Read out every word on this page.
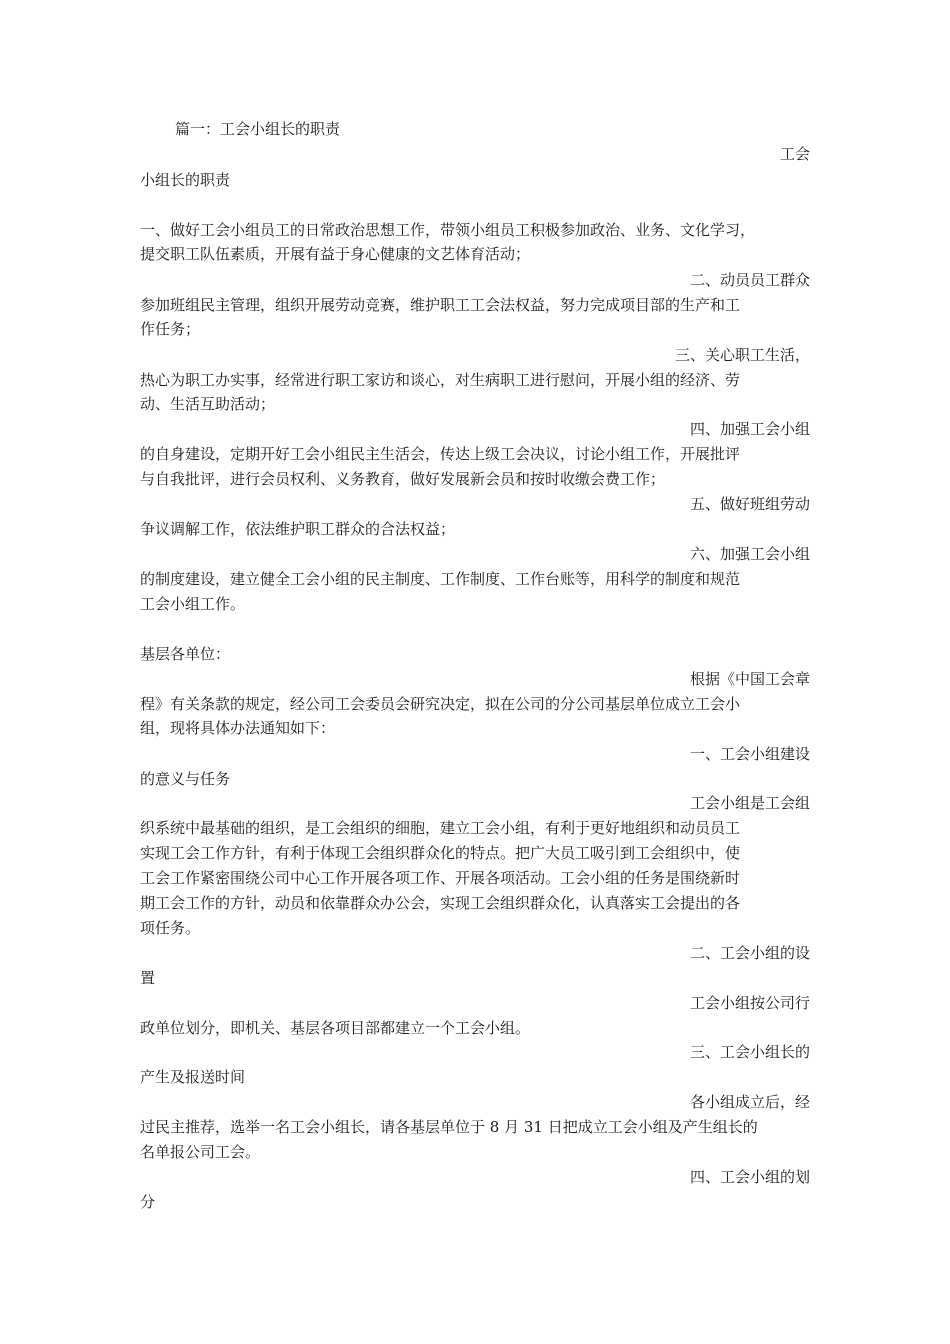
篇一：工会小组长的职责
工会
小组长的职责
一、做好工会小组员工的日常政治思想工作，带领小组员工积极参加政治、业务、文化学习，
提交职工队伍素质，开展有益于身心健康的文艺体育活动；
二、动员员工群众
参加班组民主管理，组织开展劳动竞赛，维护职工工会法权益，努力完成项目部的生产和工
作任务；
三、关心职工生活，
热心为职工办实事，经常进行职工家访和谈心，对生病职工进行慰问，开展小组的经济、劳
动、生活互助活动；
四、加强工会小组
的自身建设，定期开好工会小组民主生活会，传达上级工会决议，讨论小组工作，开展批评
与自我批评，进行会员权利、义务教育，做好发展新会员和按时收缴会费工作；
五、做好班组劳动
争议调解工作，依法维护职工群众的合法权益；
六、加强工会小组
的制度建设，建立健全工会小组的民主制度、工作制度、工作台账等，用科学的制度和规范
工会小组工作。
基层各单位：
根据《中国工会章
程》有关条款的规定，经公司工会委员会研究决定，拟在公司的分公司基层单位成立工会小
组，现将具体办法通知如下：
一、工会小组建设
的意义与任务
工会小组是工会组
织系统中最基础的组织，是工会组织的细胞，建立工会小组，有利于更好地组织和动员员工
实现工会工作方针，有利于体现工会组织群众化的特点。把广大员工吸引到工会组织中，使
工会工作紧密围绕公司中心工作开展各项工作、开展各项活动。工会小组的任务是围绕新时
期工会工作的方针，动员和依靠群众办公会，实现工会组织群众化，认真落实工会提出的各
项任务。
二、工会小组的设
置
工会小组按公司行
政单位划分，即机关、基层各项目部都建立一个工会小组。
三、工会小组长的
产生及报送时间
各小组成立后，经
过民主推荐，选举一名工会小组长，请各基层单位于 8 月 31 日把成立工会小组及产生组长的
名单报公司工会。
四、工会小组的划
分
